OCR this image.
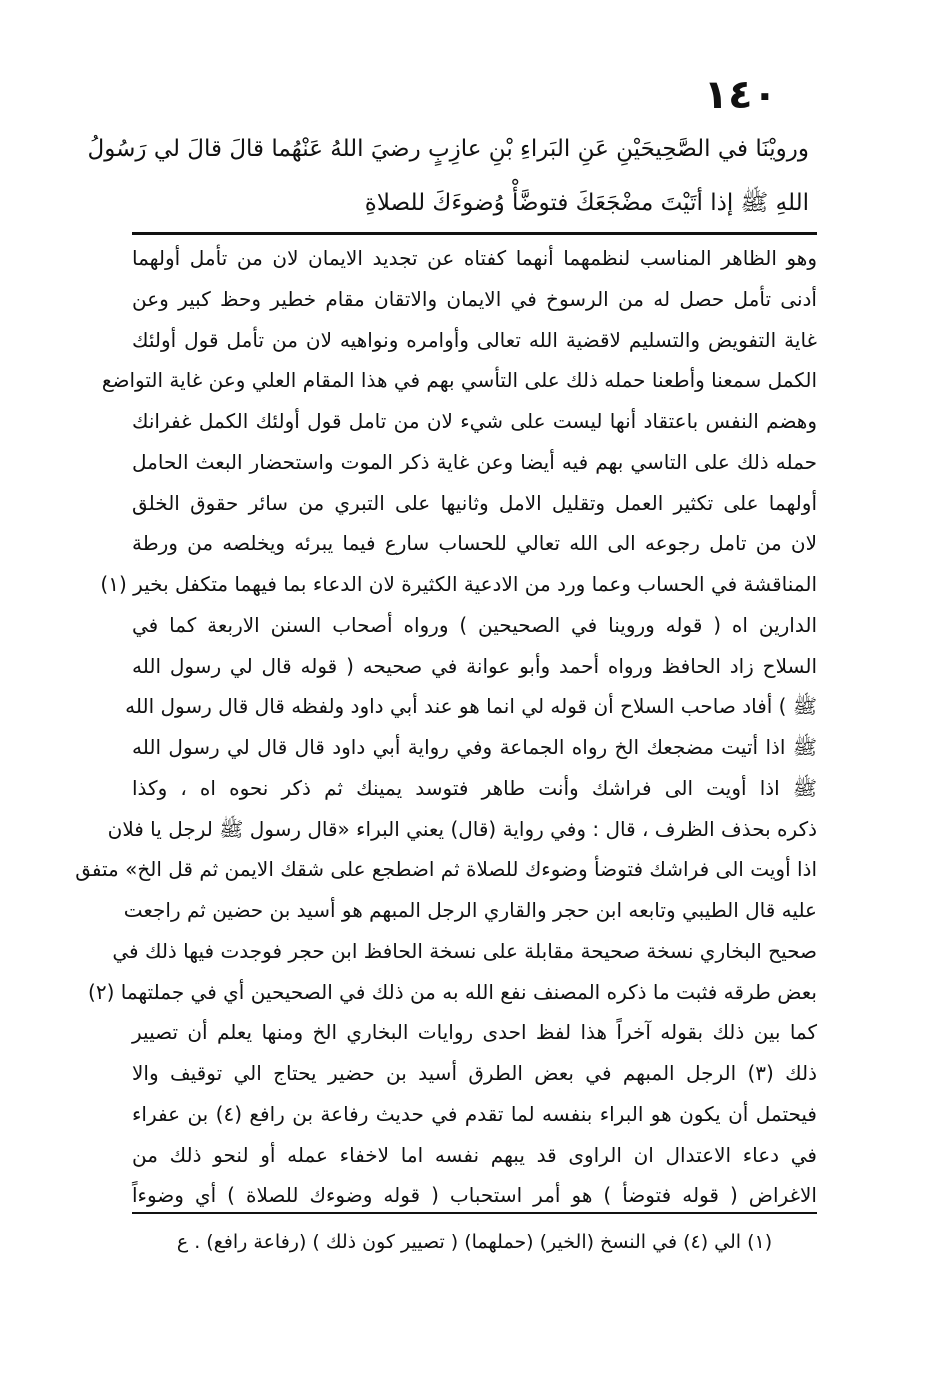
١٤٠
ورويْنَا في الصَّحِيحَيْنِ عَنِ البَراءِ بْنِ عازِبٍ رضيَ اللهُ عَنْهُما قالَ قالَ لي رَسُولُ
اللهِ ﷺ إذا أتَيْتَ مضْجَعَكَ فتوضَّأْ وُضوءَكَ للصلاةِ
وهو الظاهر المناسب لنظمهما أنهما كفتاه عن تجديد الايمان لان من تأمل أولهما
أدنى تأمل حصل له من الرسوخ في الايمان والاتقان مقام خطير وحظ كبير وعن
غاية التفويض والتسليم لاقضية الله تعالى وأوامره ونواهيه لان من تأمل قول أولئك
الكمل سمعنا وأطعنا حمله ذلك على التأسي بهم في هذا المقام العلي وعن غاية التواضع
وهضم النفس باعتقاد أنها ليست على شيء لان من تامل قول أولئك الكمل غفرانك
حمله ذلك على التاسي بهم فيه أيضا وعن غاية ذكر الموت واستحضار البعث الحامل
أولهما على تكثير العمل وتقليل الامل وثانيها على التبري من سائر حقوق الخلق
لان من تامل رجوعه الى الله تعالي للحساب سارع فيما يبرئه ويخلصه من ورطة
المناقشة في الحساب وعما ورد من الادعية الكثيرة لان الدعاء بما فيهما متكفل بخير (١)
الدارين اه ( قوله وروينا في الصحيحين ) ورواه أصحاب السنن الاربعة كما في
السلاح زاد الحافظ ورواه أحمد وأبو عوانة في صحيحه ( قوله قال لي رسول الله
ﷺ ) أفاد صاحب السلاح أن قوله لي انما هو عند أبي داود ولفظه قال قال رسول الله
ﷺ اذا أتيت مضجعك الخ رواه الجماعة وفي رواية أبي داود قال قال لي رسول الله
ﷺ اذا أويت الى فراشك وأنت طاهر فتوسد يمينك ثم ذكر نحوه اه ، وكذا
ذكره بحذف الظرف ، قال : وفي رواية (قال) يعني البراء «قال رسول ﷺ لرجل يا فلان
اذا أويت الى فراشك فتوضأ وضوءك للصلاة ثم اضطجع على شقك الايمن ثم قل الخ» متفق
عليه قال الطيبي وتابعه ابن حجر والقاري الرجل المبهم هو أسيد بن حضين ثم راجعت
صحيح البخاري نسخة صحيحة مقابلة على نسخة الحافظ ابن حجر فوجدت فيها ذلك في
بعض طرقه فثبت ما ذكره المصنف نفع الله به من ذلك في الصحيحين أي في جملتهما (٢)
كما بين ذلك بقوله آخراً هذا لفظ احدى روايات البخاري الخ ومنها يعلم أن تصيير
ذلك (٣) الرجل المبهم في بعض الطرق أسيد بن حضير يحتاج الي توقيف والا
فيحتمل أن يكون هو البراء بنفسه لما تقدم في حديث رفاعة بن رافع (٤) بن عفراء
في دعاء الاعتدال ان الراوى قد يبهم نفسه اما لاخفاء عمله أو لنحو ذلك من
الاغراض ( قوله فتوضأ ) هو أمر استحباب ( قوله وضوءك للصلاة ) أي وضوءاً
(١) الي (٤) في النسخ (الخير) (حملهما) ( تصيير كون ذلك ) (رفاعة رافع) . ع
